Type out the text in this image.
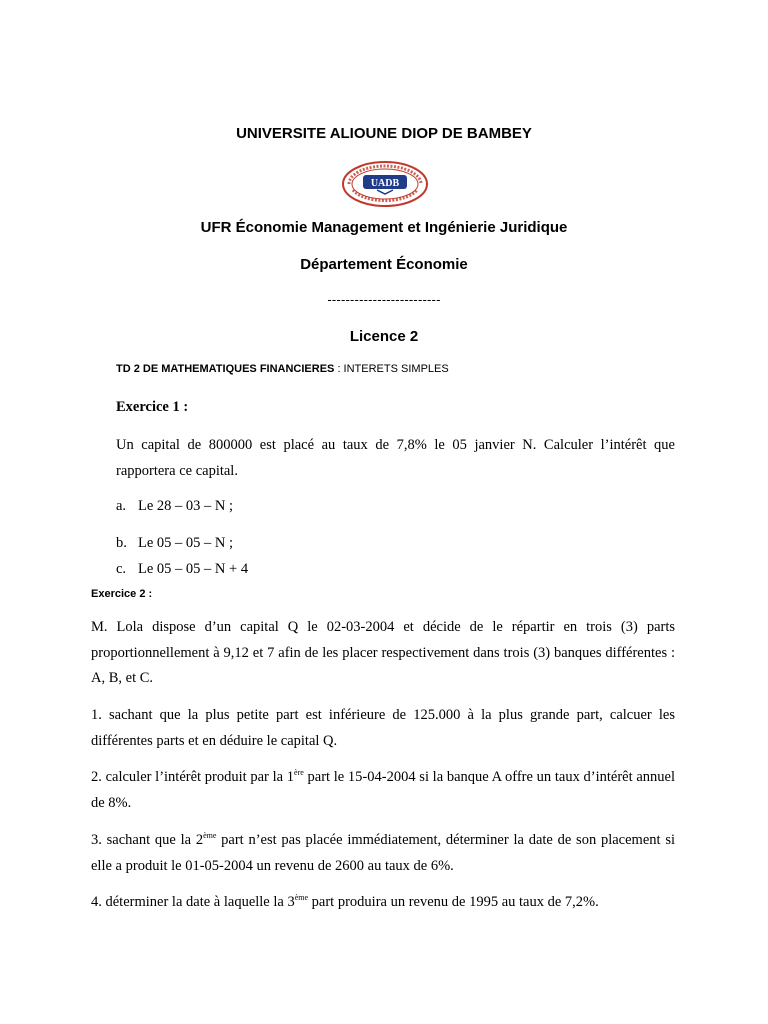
UNIVERSITE ALIOUNE DIOP DE BAMBEY
UADB
UFR Économie Management et Ingénierie Juridique
Département Économie
-------------------------
Licence 2
TD 2 DE MATHEMATIQUES FINANCIERES : INTERETS SIMPLES
Exercice 1 :
Un capital de 800000 est placé au taux de 7,8% le 05 janvier N. Calculer l’intérêt que rapportera ce capital.
a. Le 28 – 03 – N ;
b. Le 05 – 05 – N ;
c. Le 05 – 05 – N + 4
Exercice 2 :
M. Lola dispose d’un capital Q le 02-03-2004 et décide de le répartir en trois (3) parts proportionnellement à 9,12 et 7 afin de les placer respectivement dans trois (3) banques différentes : A, B, et C.
1. sachant que la plus petite part est inférieure de 125.000 à la plus grande part, calcuer les différentes parts et en déduire le capital Q.
2. calculer l’intérêt produit par la 1ère part le 15-04-2004 si la banque A offre un taux d’intérêt annuel de 8%.
3. sachant que la 2ème part n’est pas placée immédiatement, déterminer la date de son placement si elle a produit le 01-05-2004 un revenu de 2600 au taux de 6%.
4. déterminer la date à laquelle la 3ème part produira un revenu de 1995 au taux de 7,2%.
